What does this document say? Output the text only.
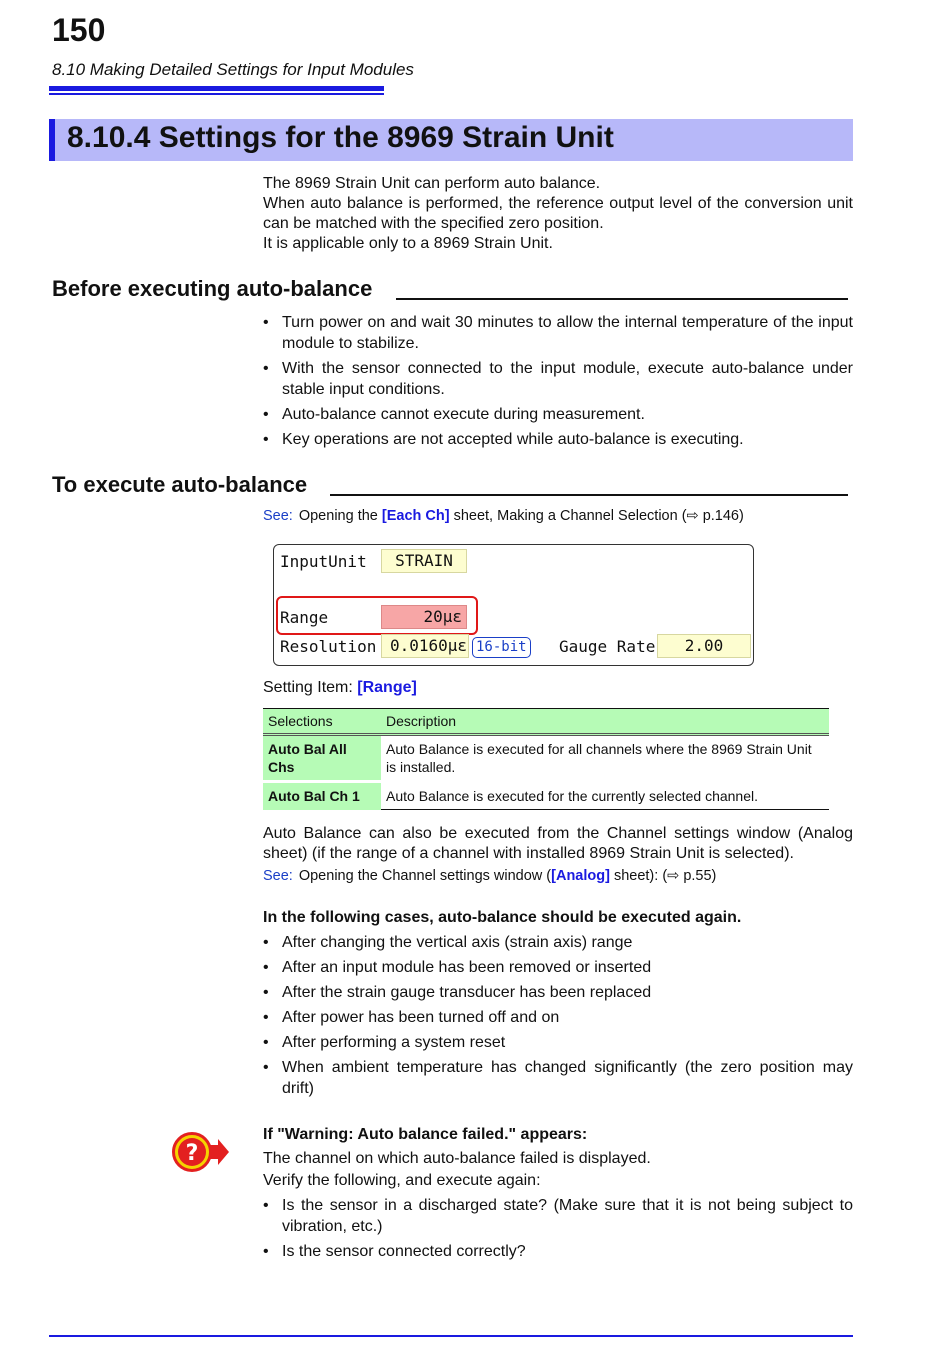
150
8.10 Making Detailed Settings for Input Modules
8.10.4 Settings for the 8969 Strain Unit
The 8969 Strain Unit can perform auto balance.
When auto balance is performed, the reference output level of the conversion unit can be matched with the specified zero position.
It is applicable only to a 8969 Strain Unit.
Before executing auto-balance
• Turn power on and wait 30 minutes to allow the internal temperature of the input module to stabilize.
• With the sensor connected to the input module, execute auto-balance under stable input conditions.
• Auto-balance cannot execute during measurement.
• Key operations are not accepted while auto-balance is executing.
To execute auto-balance
See: Opening the [Each Ch] sheet, Making a Channel Selection (⇨ p.146)
InputUnit	STRAIN
Range	20με
Resolution 0.0160με 16-bit Gauge Rate	2.00
Setting Item: [Range]
Selections	Description
Auto Bal All Chs	Auto Balance is executed for all channels where the 8969 Strain Unit is installed.
Auto Bal Ch 1	Auto Balance is executed for the currently selected channel.
Auto Balance can also be executed from the Channel settings window (Analog sheet) (if the range of a channel with installed 8969 Strain Unit is selected).
See: Opening the Channel settings window ([Analog] sheet): (⇨ p.55)
In the following cases, auto-balance should be executed again.
• After changing the vertical axis (strain axis) range
• After an input module has been removed or inserted
• After the strain gauge transducer has been replaced
• After power has been turned off and on
• After performing a system reset
• When ambient temperature has changed significantly (the zero position may drift)
?
If "Warning: Auto balance failed." appears:
The channel on which auto-balance failed is displayed.
Verify the following, and execute again:
• Is the sensor in a discharged state? (Make sure that it is not being subject to vibration, etc.)
• Is the sensor connected correctly?
